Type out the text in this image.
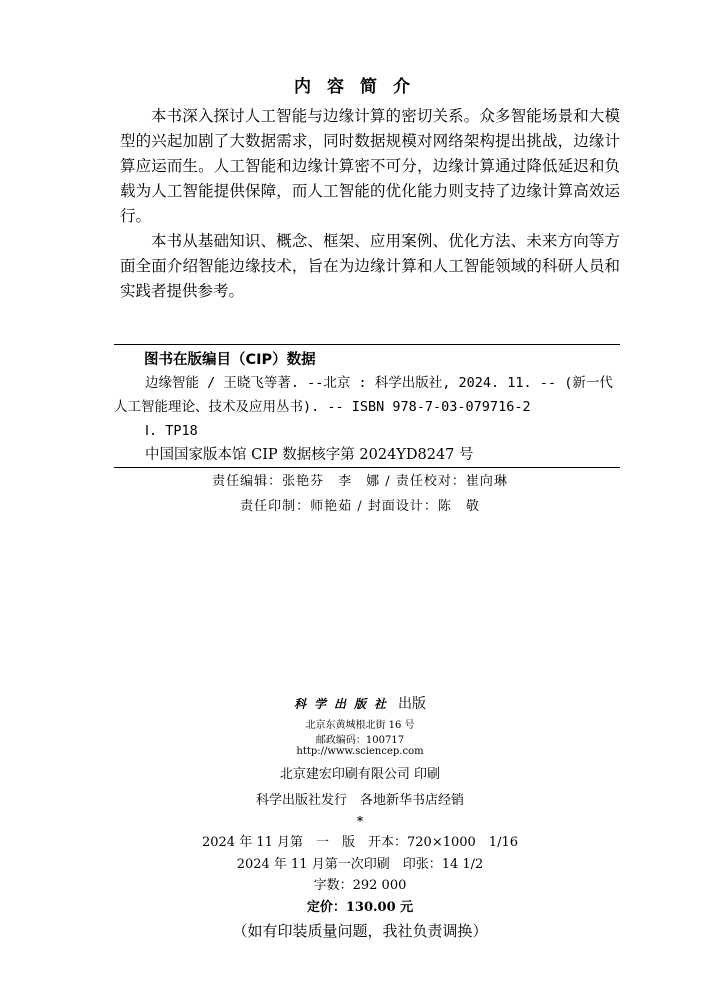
内容简介

本书深入探讨人工智能与边缘计算的密切关系。众多智能场景和大模型的兴起加剧了大数据需求，同时数据规模对网络架构提出挑战，边缘计算应运而生。人工智能和边缘计算密不可分，边缘计算通过降低延迟和负载为人工智能提供保障，而人工智能的优化能力则支持了边缘计算高效运行。

本书从基础知识、概念、框架、应用案例、优化方法、未来方向等方面全面介绍智能边缘技术，旨在为边缘计算和人工智能领域的科研人员和实践者提供参考。

图书在版编目（CIP）数据

边缘智能 / 王晓飞等著. --北京 : 科学出版社, 2024. 11. -- (新一代人工智能理论、技术及应用丛书). -- ISBN 978-7-03-079716-2

Ⅰ. TP18
中国国家版本馆 CIP 数据核字第 2024YD8247 号
责任编辑：张艳芬　李　娜 / 责任校对：崔向琳
责任印制：师艳茹 / 封面设计：陈　敬
科学出版社 出版
北京东黄城根北街 16 号
邮政编码：100717
http://www.sciencep.com
北京建宏印刷有限公司 印刷
科学出版社发行　各地新华书店经销
*
2024 年 11 月第　一　版　开本：720×1000　1/16
2024 年 11 月第一次印刷　印张：14 1/2
字数：292 000
定价：130.00 元
（如有印装质量问题，我社负责调换）
